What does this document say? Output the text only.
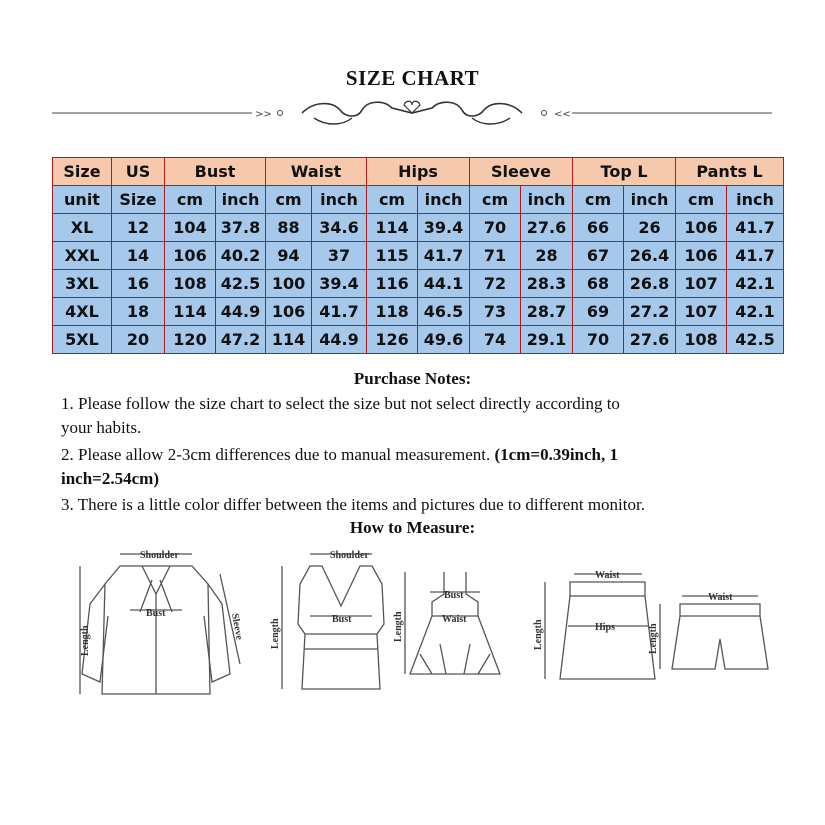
SIZE CHART
>>	<<
Size	US	Bust		Waist		Hips		Sleeve		Top L		Pants L	
unit	Size	cm	inch	cm	inch	cm	inch	cm	inch	cm	inch	cm	inch
XL	12	104	37.8	88	34.6	114	39.4	70	27.6	66	26	106	41.7
XXL	14	106	40.2	94	37	115	41.7	71	28	67	26.4	106	41.7
3XL	16	108	42.5	100	39.4	116	44.1	72	28.3	68	26.8	107	42.1
4XL	18	114	44.9	106	41.7	118	46.5	73	28.7	69	27.2	107	42.1
5XL	20	120	47.2	114	44.9	126	49.6	74	29.1	70	27.6	108	42.5
Purchase Notes:
1. Please follow the size chart to select the size but not select directly according to
your habits.
2. Please allow 2-3cm differences due to manual measurement. (1cm=0.39inch, 1
inch=2.54cm)
3. There is a little color differ between the items and pictures due to different monitor.
How to Measure:
Shoulder
Bust
Shoulder
Bust
Bust
Waist
Waist
Hips
Waist
Length	Sleeve	Length	Length	Length	Length
